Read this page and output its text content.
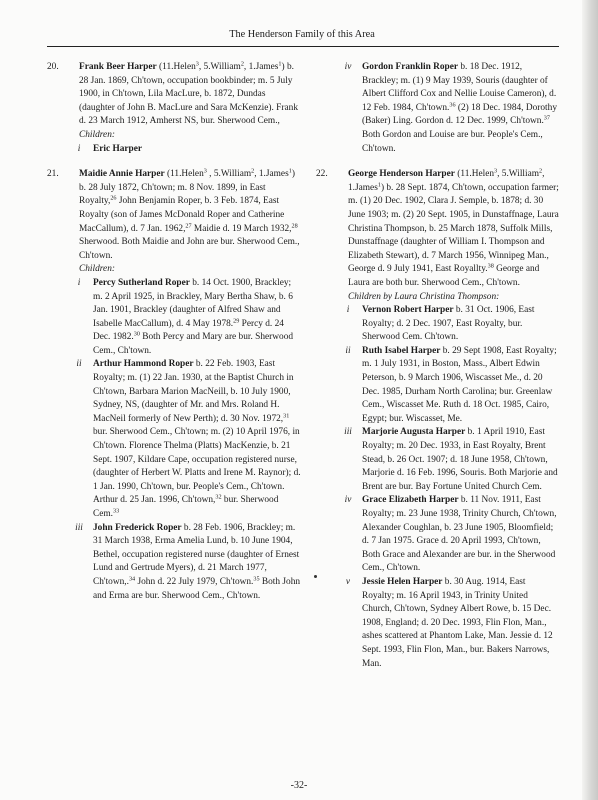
The Henderson Family of this Area
20. Frank Beer Harper (11.Helen$^3$, 5.William$^2$, 1.James$^1$) b. 28 Jan. 1869, Ch'town, occupation bookbinder; m. 5 July 1900, in Ch'town, Lila MacLure, b. 1872, Dundas (daughter of John B. MacLure and Sara McKenzie). Frank d. 23 March 1912, Amherst NS, bur. Sherwood Cem.,
Children:
i	Eric Harper
21. Maidie Annie Harper (11.Helen$^3$ , 5.William$^2$, 1.James$^1$) b. 28 July 1872, Ch'town; m. 8 Nov. 1899, in East Royalty,$^{26}$ John Benjamin Roper, b. 3 Feb. 1874, East Royalty (son of James McDonald Roper and Catherine MacCallum), d. 7 Jan. 1962,27 Maidie d. 19 March 1932,28 Sherwood. Both Maidie and John are bur. Sherwood Cem., Ch'town.
Children:
i	Percy Sutherland Roper b. 14 Oct. 1900, Brackley; m. 2 April 1925, in Brackley, Mary Bertha Shaw, b. 6 Jan. 1901, Brackley (daughter of Alfred Shaw and Isabelle MacCallum), d. 4 May 1978.29 Percy d. 24 Dec. 1982.30 Both Percy and Mary are bur. Sherwood Cem., Ch'town.
ii	Arthur Hammond Roper b. 22 Feb. 1903, East Royalty; m. (1) 22 Jan. 1930, at the Baptist Church in Ch'town, Barbara Marion MacNeill, b. 10 July 1900, Sydney, NS, (daughter of Mr. and Mrs. Roland H. MacNeil formerly of New Perth); d. 30 Nov. 1972,31 bur. Sherwood Cem., Ch'town; m. (2) 10 April 1976, in Ch'town. Florence Thelma (Platts) MacKenzie, b. 21 Sept. 1907, Kildare Cape, occupation registered nurse, (daughter of Herbert W. Platts and Irene M. Raynor); d. 1 Jan. 1990, Ch'town, bur. People's Cem., Ch'town. Arthur d. 25 Jan. 1996, Ch'town,$^{32}$ bur. Sherwood Cem.$^{33}$
iii	John Frederick Roper b. 28 Feb. 1906, Brackley; m. 31 March 1938, Erma Amelia Lund, b. 10 June 1904, Bethel, occupation registered nurse (daughter of Ernest Lund and Gertrude Myers), d. 21 March 1977, Ch'town,.$^{34}$ John d. 22 July 1979, Ch'town.$^{35}$ Both John and Erma are bur. Sherwood Cem., Ch'town.
iv	Gordon Franklin Roper b. 18 Dec. 1912, Brackley; m. (1) 9 May 1939, Souris (daughter of Albert Clifford Cox and Nellie Louise Cameron), d. 12 Feb. 1984, Ch'town.$^{36}$ (2) 18 Dec. 1984, Dorothy (Baker) Ling. Gordon d. 12 Dec. 1999, Ch'town.$^{37}$ Both Gordon and Louise are bur. People's Cem., Ch'town.
22. George Henderson Harper (11.Helen$^3$, 5.William$^2$, 1.James$^1$) b. 28 Sept. 1874, Ch'town, occupation farmer; m. (1) 20 Dec. 1902, Clara J. Semple, b. 1878; d. 30 June 1903; m. (2) 20 Sept. 1905, in Dunstaffnage, Laura Christina Thompson, b. 25 March 1878, Suffolk Mills, Dunstaffnage (daughter of William I. Thompson and Elizabeth Stewart), d. 7 March 1956, Winnipeg Man., George d. 9 July 1941, East Royallty.$^{38}$ George and Laura are both bur. Sherwood Cem., Ch'town.
Children by Laura Christina Thompson:
i	Vernon Robert Harper b. 31 Oct. 1906, East Royalty; d. 2 Dec. 1907, East Royalty, bur. Sherwood Cem. Ch'town.
ii	Ruth Isabel Harper b. 29 Sept 1908, East Royalty; m. 1 July 1931, in Boston, Mass., Albert Edwin Peterson, b. 9 March 1906, Wiscasset Me., d. 20 Dec. 1985, Durham North Carolina; bur. Greenlaw Cem., Wiscasset Me. Ruth d. 18 Oct. 1985, Cairo, Egypt; bur. Wiscasset, Me.
iii	Marjorie Augusta Harper b. 1 April 1910, East Royalty; m. 20 Dec. 1933, in East Royalty, Brent Stead, b. 26 Oct. 1907; d. 18 June 1958, Ch'town, Marjorie d. 16 Feb. 1996, Souris. Both Marjorie and Brent are bur. Bay Fortune United Church Cem.
iv	Grace Elizabeth Harper b. 11 Nov. 1911, East Royalty; m. 23 June 1938, Trinity Church, Ch'town, Alexander Coughlan, b. 23 June 1905, Bloomfield; d. 7 Jan 1975. Grace d. 20 April 1993, Ch'town, Both Grace and Alexander are bur. in the Sherwood Cem., Ch'town.
v	Jessie Helen Harper b. 30 Aug. 1914, East Royalty; m. 16 April 1943, in Trinity United Church, Ch'town, Sydney Albert Rowe, b. 15 Dec. 1908, England; d. 20 Dec. 1993, Flin Flon, Man., ashes scattered at Phantom Lake, Man. Jessie d. 12 Sept. 1993, Flin Flon, Man., bur. Bakers Narrows, Man.
-32-
